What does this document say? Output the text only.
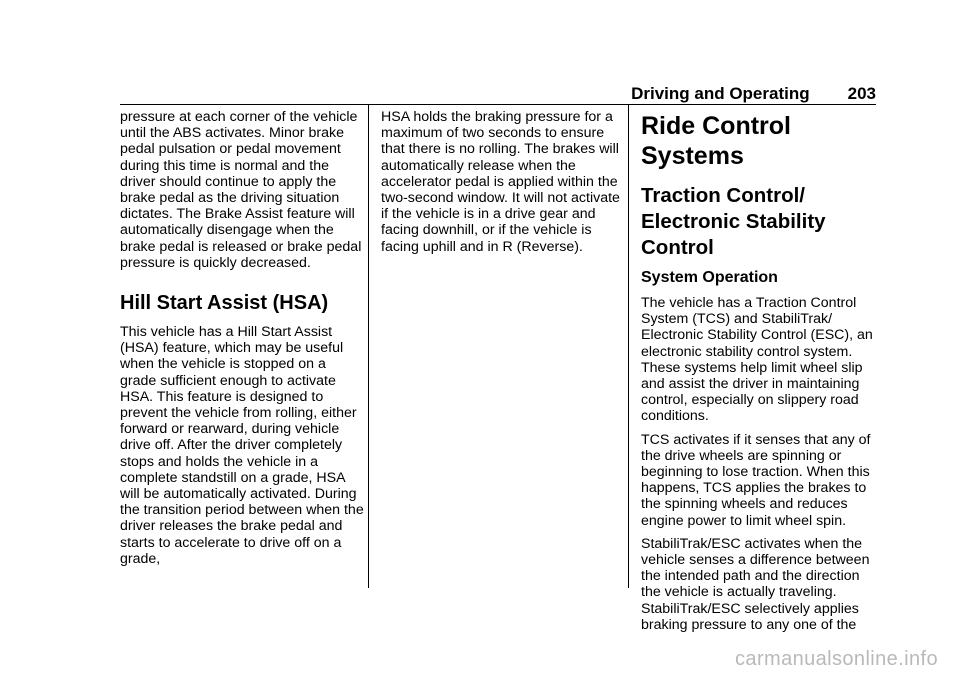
Driving and Operating 203

pressure at each corner of the vehicle until the ABS activates. Minor brake pedal pulsation or pedal movement during this time is normal and the driver should continue to apply the brake pedal as the driving situation dictates. The Brake Assist feature will automatically disengage when the brake pedal is released or brake pedal pressure is quickly decreased.

Hill Start Assist (HSA)

This vehicle has a Hill Start Assist (HSA) feature, which may be useful when the vehicle is stopped on a grade sufficient enough to activate HSA. This feature is designed to prevent the vehicle from rolling, either forward or rearward, during vehicle drive off. After the driver completely stops and holds the vehicle in a complete standstill on a grade, HSA will be automatically activated. During the transition period between when the driver releases the brake pedal and starts to accelerate to drive off on a grade,

HSA holds the braking pressure for a maximum of two seconds to ensure that there is no rolling. The brakes will automatically release when the accelerator pedal is applied within the two-second window. It will not activate if the vehicle is in a drive gear and facing downhill, or if the vehicle is facing uphill and in R (Reverse).

Ride Control Systems
Traction Control/ Electronic Stability Control
System Operation

The vehicle has a Traction Control System (TCS) and StabiliTrak/ Electronic Stability Control (ESC), an electronic stability control system. These systems help limit wheel slip and assist the driver in maintaining control, especially on slippery road conditions.

TCS activates if it senses that any of the drive wheels are spinning or beginning to lose traction. When this happens, TCS applies the brakes to the spinning wheels and reduces engine power to limit wheel spin.

StabiliTrak/ESC activates when the vehicle senses a difference between the intended path and the direction the vehicle is actually traveling. StabiliTrak/ESC selectively applies braking pressure to any one of the

carmanualsonline.info
